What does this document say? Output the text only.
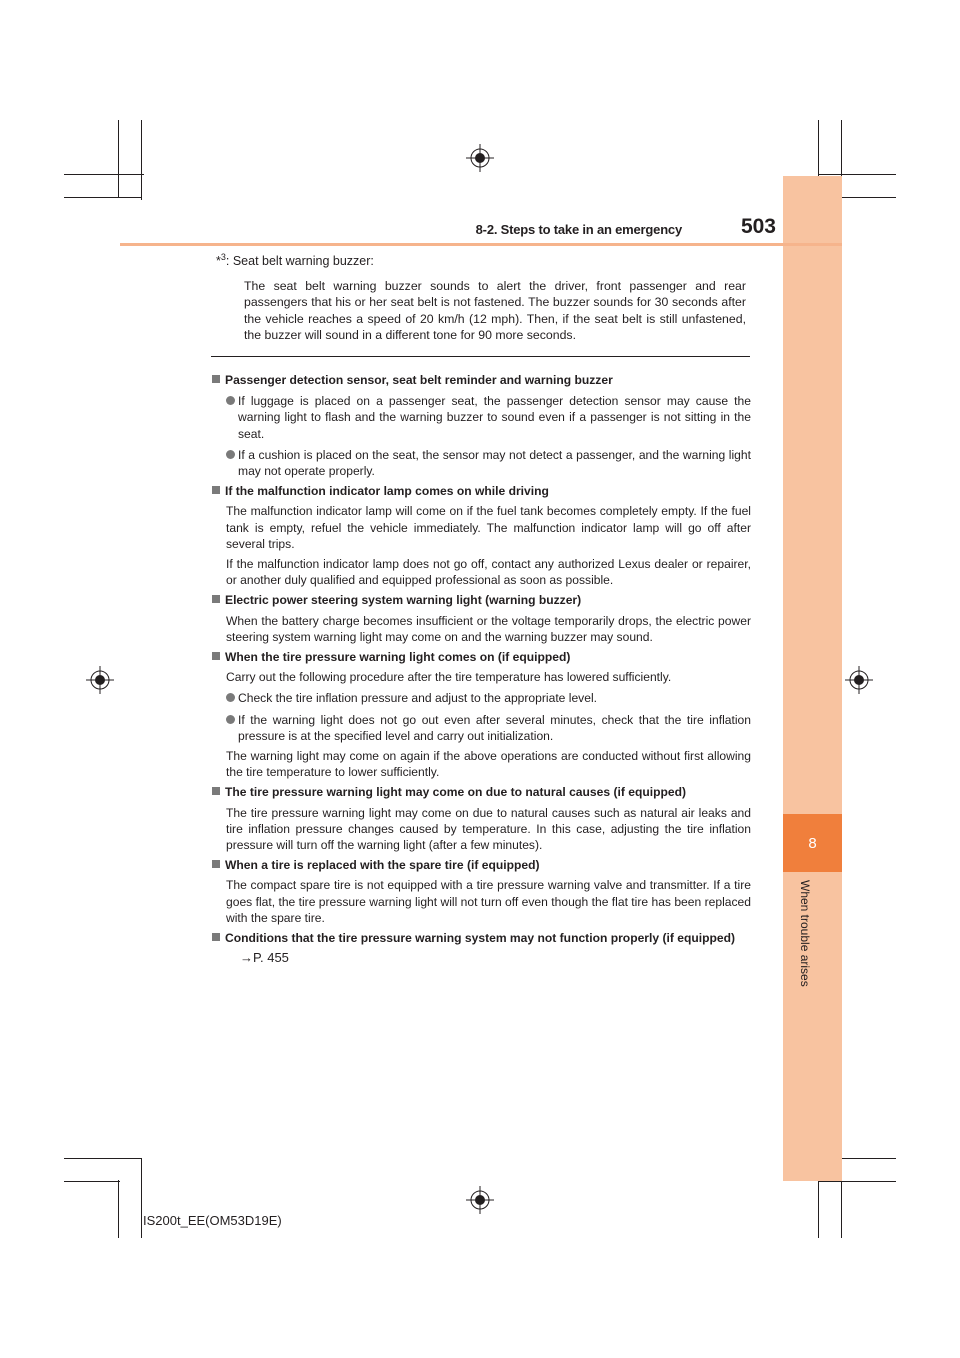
8
When trouble arises
8-2. Steps to take in an emergency	503
*$^3$: Seat belt warning buzzer:
The seat belt warning buzzer sounds to alert the driver, front passenger and rear passengers that his or her seat belt is not fastened. The buzzer sounds for 30 seconds after the vehicle reaches a speed of 20 km/h (12 mph). Then, if the seat belt is still unfastened, the buzzer will sound in a different tone for 90 more seconds.
Passenger detection sensor, seat belt reminder and warning buzzer
If luggage is placed on a passenger seat, the passenger detection sensor may cause the warning light to flash and the warning buzzer to sound even if a passenger is not sitting in the seat.
If a cushion is placed on the seat, the sensor may not detect a passenger, and the warning light may not operate properly.
If the malfunction indicator lamp comes on while driving
The malfunction indicator lamp will come on if the fuel tank becomes completely empty. If the fuel tank is empty, refuel the vehicle immediately. The malfunction indicator lamp will go off after several trips.
If the malfunction indicator lamp does not go off, contact any authorized Lexus dealer or repairer, or another duly qualified and equipped professional as soon as possible.
Electric power steering system warning light (warning buzzer)
When the battery charge becomes insufficient or the voltage temporarily drops, the electric power steering system warning light may come on and the warning buzzer may sound.
When the tire pressure warning light comes on (if equipped)
Carry out the following procedure after the tire temperature has lowered sufficiently.
Check the tire inflation pressure and adjust to the appropriate level.
If the warning light does not go out even after several minutes, check that the tire inflation pressure is at the specified level and carry out initialization.
The warning light may come on again if the above operations are conducted without first allowing the tire temperature to lower sufficiently.
The tire pressure warning light may come on due to natural causes (if equipped)
The tire pressure warning light may come on due to natural causes such as natural air leaks and tire inflation pressure changes caused by temperature. In this case, adjusting the tire inflation pressure will turn off the warning light (after a few minutes).
When a tire is replaced with the spare tire (if equipped)
The compact spare tire is not equipped with a tire pressure warning valve and transmitter. If a tire goes flat, the tire pressure warning light will not turn off even though the flat tire has been replaced with the spare tire.
Conditions that the tire pressure warning system may not function properly (if equipped)
→P. 455
IS200t_EE(OM53D19E)
